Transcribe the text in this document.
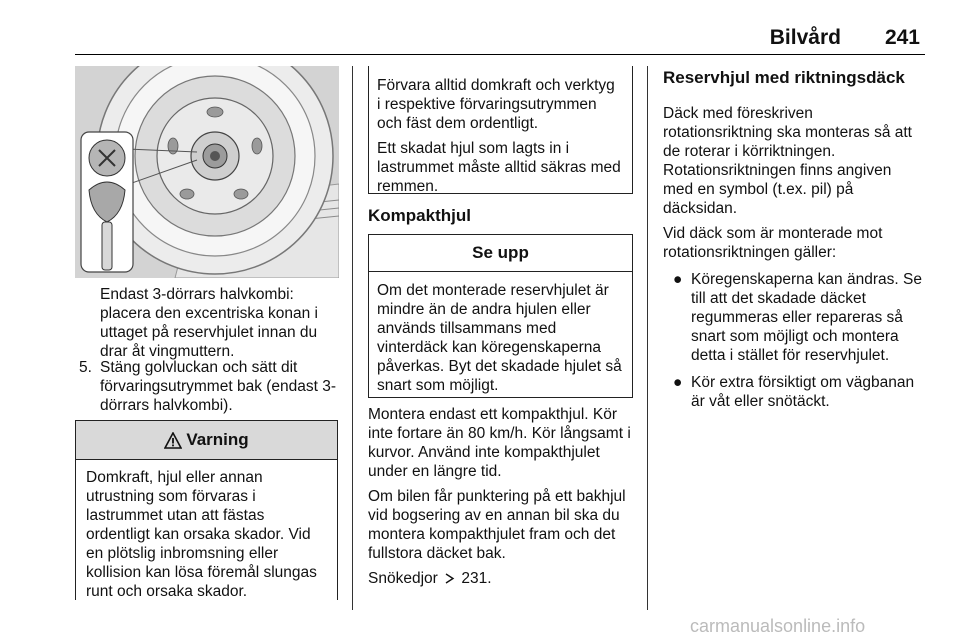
Bilvård 241
Endast 3-dörrars halvkombi: placera den excentriska konan i uttaget på reservhjulet innan du drar åt vingmuttern.
5. Stäng golvluckan och sätt dit förvaringsutrymmet bak (endast 3-dörrars halvkombi).
Varning
Domkraft, hjul eller annan utrustning som förvaras i lastrummet utan att fästas ordentligt kan orsaka skador. Vid en plötslig inbromsning eller kollision kan lösa föremål slungas runt och orsaka skador.
Förvara alltid domkraft och verktyg i respektive förvaringsutrymmen och fäst dem ordentligt.
Ett skadat hjul som lagts in i lastrummet måste alltid säkras med remmen.
Kompakthjul
Se upp
Om det monterade reservhjulet är mindre än de andra hjulen eller används tillsammans med vinterdäck kan köregenskaperna påverkas. Byt det skadade hjulet så snart som möjligt.
Montera endast ett kompakthjul. Kör inte fortare än 80 km/h. Kör långsamt i kurvor. Använd inte kompakthjulet under en längre tid.
Om bilen får punktering på ett bakhjul vid bogsering av en annan bil ska du montera kompakthjulet fram och det fullstora däcket bak.
Snökedjor 231.
Reservhjul med riktningsdäck
Däck med föreskriven rotationsriktning ska monteras så att de roterar i körriktningen. Rotationsriktningen finns angiven med en symbol (t.ex. pil) på däcksidan.
Vid däck som är monterade mot rotationsriktningen gäller:
● Köregenskaperna kan ändras. Se till att det skadade däcket regummeras eller repareras så snart som möjligt och montera detta i stället för reservhjulet.
● Kör extra försiktigt om vägbanan är våt eller snötäckt.
carmanualsonline.info
